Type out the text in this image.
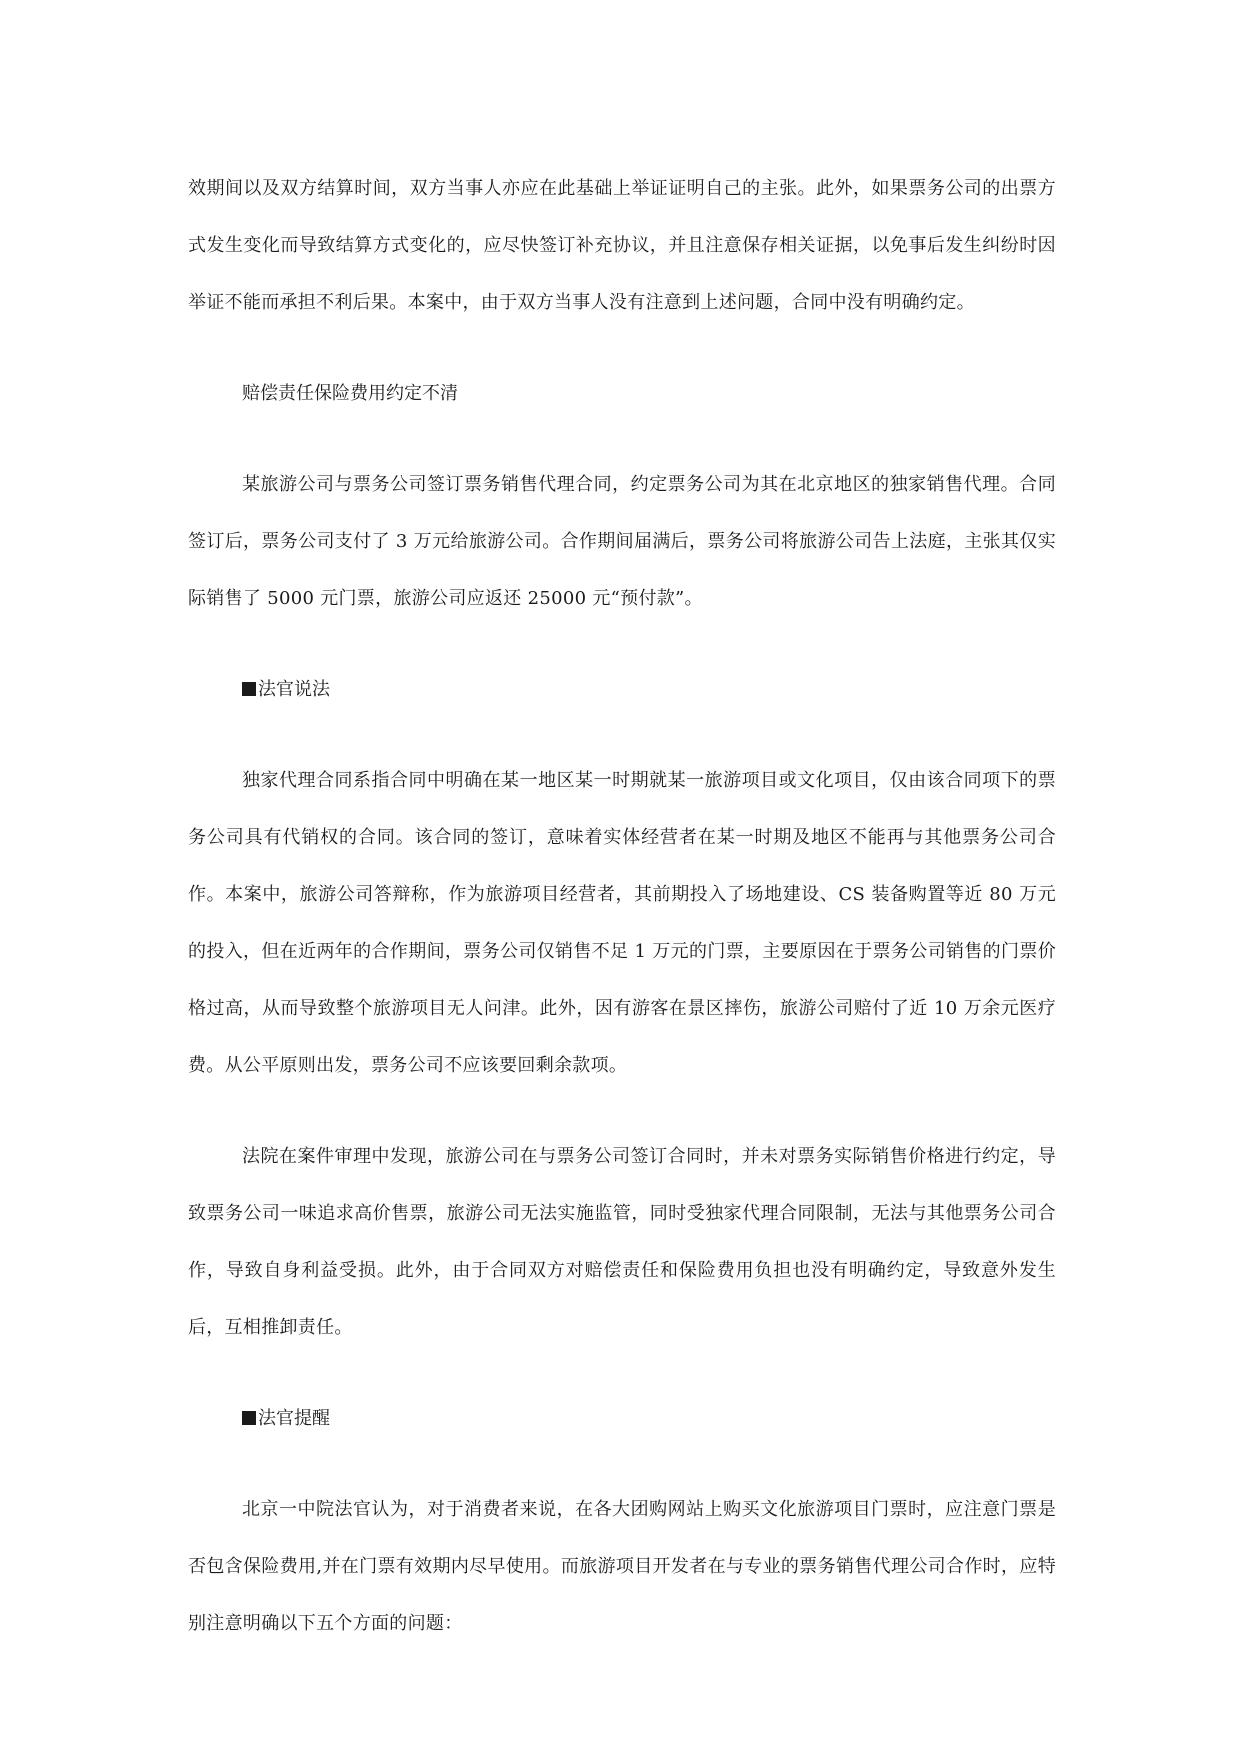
效期间以及双方结算时间，双方当事人亦应在此基础上举证证明自己的主张。此外，如果票务公司的出票方式发生变化而导致结算方式变化的，应尽快签订补充协议，并且注意保存相关证据，以免事后发生纠纷时因举证不能而承担不利后果。本案中，由于双方当事人没有注意到上述问题，合同中没有明确约定。

赔偿责任保险费用约定不清

某旅游公司与票务公司签订票务销售代理合同，约定票务公司为其在北京地区的独家销售代理。合同签订后，票务公司支付了 3 万元给旅游公司。合作期间届满后，票务公司将旅游公司告上法庭，主张其仅实际销售了 5000 元门票，旅游公司应返还 25000 元“预付款”。

法官说法

独家代理合同系指合同中明确在某一地区某一时期就某一旅游项目或文化项目，仅由该合同项下的票务公司具有代销权的合同。该合同的签订，意味着实体经营者在某一时期及地区不能再与其他票务公司合作。本案中，旅游公司答辩称，作为旅游项目经营者，其前期投入了场地建设、CS 装备购置等近 80 万元的投入，但在近两年的合作期间，票务公司仅销售不足 1 万元的门票，主要原因在于票务公司销售的门票价格过高，从而导致整个旅游项目无人问津。此外，因有游客在景区摔伤，旅游公司赔付了近 10 万余元医疗费。从公平原则出发，票务公司不应该要回剩余款项。

法院在案件审理中发现，旅游公司在与票务公司签订合同时，并未对票务实际销售价格进行约定，导致票务公司一味追求高价售票，旅游公司无法实施监管，同时受独家代理合同限制，无法与其他票务公司合作，导致自身利益受损。此外，由于合同双方对赔偿责任和保险费用负担也没有明确约定，导致意外发生后，互相推卸责任。

法官提醒

北京一中院法官认为，对于消费者来说，在各大团购网站上购买文化旅游项目门票时，应注意门票是否包含保险费用,并在门票有效期内尽早使用。而旅游项目开发者在与专业的票务销售代理公司合作时，应特别注意明确以下五个方面的问题：
